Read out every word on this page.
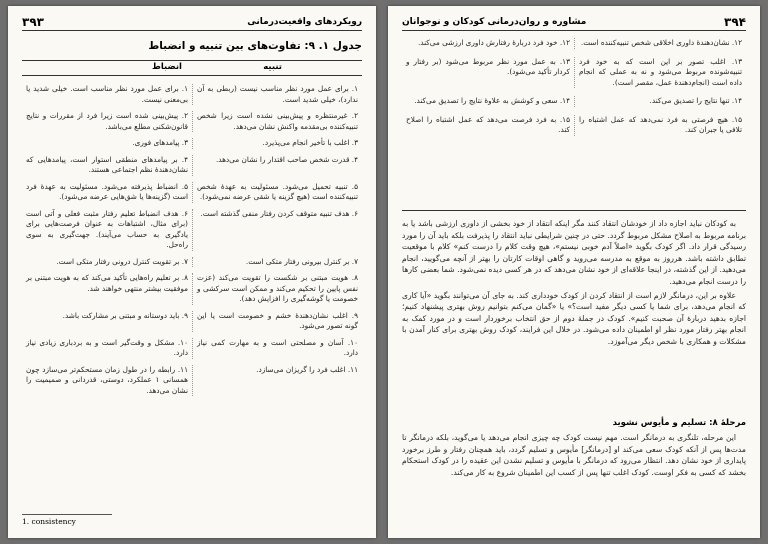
۳۹۳	رویکردهای واقعیت‌درمانی
جدول ۱. ۹: تفاوت‌های بین تنبیه و انضباط
تنبیه
انضباط
۱. برای عمل مورد نظر مناسب نیست (ربطی به آن ندارد)، خیلی شدید است.
۱. برای عمل مورد نظر مناسب است. خیلی شدید یا بی‌معنی نیست.
۲. غیرمنتظره و پیش‌بینی نشده است زیرا شخص تنبیه‌کننده بی‌مقدمه واکنش نشان می‌دهد.
۲. پیش‌بینی شده است زیرا فرد از مقررات و نتایج قانون‌شکنی مطلع می‌باشد.
۳. اغلب با تأخیر انجام می‌پذیرد.
۳. پیامدهای فوری.
۴. قدرت شخص صاحب اقتدار را نشان می‌دهد.
۴. بر پیامدهای منطقی استوار است، پیامدهایی که نشان‌دهندهٔ نظم اجتماعی هستند.
۵. تنبیه تحمیل می‌شود. مسئولیت به عهدهٔ شخص تنبیه‌کننده است (هیچ گزینه یا شقی عرضه نمی‌شود).
۵. انضباط پذیرفته می‌شود. مسئولیت به عهدهٔ فرد است (گزینه‌ها یا شق‌هایی عرضه می‌شود).
۶. هدف تنبیه متوقف کردن رفتار منفی گذشته است.
۶. هدف انضباط تعلیم رفتار مثبت فعلی و آتی است (برای مثال، اشتباهات به عنوان فرصت‌هایی برای یادگیری به حساب می‌آیند). جهت‌گیری به سوی راه‌حل.
۷. بر کنترل بیرونی رفتار متکی است.
۷. بر تقویت کنترل درونی رفتار متکی است.
۸. هویت مبتنی بر شکست را تقویت می‌کند (عزت نفس پایین را تحکیم می‌کند و ممکن است سرکشی و خصومت یا گوشه‌گیری را افزایش دهد).
۸. بر تعلیم راه‌هایی تأکید می‌کند که به هویت مبتنی بر موفقیت بیشتر منتهی خواهند شد.
۹. اغلب نشان‌دهندهٔ خشم و خصومت است یا این گونه تصور می‌شود.
۹. باید دوستانه و مبتنی بر مشارکت باشد.
۱۰. آسان و مصلحتی است و به مهارت کمی نیاز دارد.
۱۰. مشکل و وقت‌گیر است و به بردباری زیادی نیاز دارد.
۱۱. اغلب فرد را گریزان می‌سازد.
۱۱. رابطه را در طول زمان مستحکم‌تر می‌سازد چون همسانی ۱ عملکرد، دوستی، قدردانی و صمیمیت را نشان می‌دهد.
1. consistency
مشاوره و روان‌درمانی کودکان و نوجوانان	۳۹۴
۱۲. نشان‌دهندهٔ داوری اخلاقی شخص تنبیه‌کننده است.
۱۲. خود فرد دربارهٔ رفتارش داوری ارزشی می‌کند.
۱۳. اغلب تصور بر این است که به خود فرد تنبیه‌شونده مربوط می‌شود و نه به عملی که انجام داده است (انجام‌دهندهٔ عمل، مقصر است).
۱۳. به عمل مورد نظر مربوط می‌شود (بر رفتار و کردار تأکید می‌شود).
۱۴. تنها نتایج را تصدیق می‌کند.
۱۴. سعی و کوشش به علاوهٔ نتایج را تصدیق می‌کند.
۱۵. هیچ فرصتی به فرد نمی‌دهد که عمل اشتباه را تلافی یا جبران کند.
۱۵. به فرد فرصت می‌دهد که عمل اشتباه را اصلاح کند.

به کودکان نباید اجازه داد از خودشان انتقاد کنند مگر اینکه انتقاد از خود بخشی از داوری ارزشی باشد یا به برنامه مربوط به اصلاح مشکل مربوط گردد. حتی در چنین شرایطی نباید انتقاد را پذیرفت بلکه باید آن را مورد رسیدگی قرار داد. اگر کودک بگوید «اصلاً آدم خوبی نیستم»، هیچ وقت کلام را درست کنم» کلام با موقعیت تطابق داشته باشد. هرروز به موقع به مدرسه می‌روید و گاهی اوقات کارتان را بهتر از آنچه می‌گویید، انجام می‌دهید. از این گذشته، در اینجا علاقه‌ای از خود نشان می‌دهد که در هر کسی دیده نمی‌شود. شما بعضی کارها را درست انجام می‌دهید.

علاوه بر این، درمانگر لازم است از انتقاد کردن از کودک خودداری کند. به جای آن می‌توانند بگوید «آیا کاری که انجام می‌دهد، برای شما یا کسی دیگر مفید است؟» یا «گمان می‌کنم بتوانیم روش بهتری پیشنهاد کنیم؛ اجازه بدهید دربارهٔ آن صحبت کنیم». کودک در جملهٔ دوم از حق انتخاب برخوردار است و در مورد کمک به انجام بهتر رفتار مورد نظر او اطمینان داده می‌شود. در خلال این فرایند، کودک روش بهتری برای کنار آمدن با مشکلات و همکاری با شخص دیگر می‌آموزد.

مرحلهٔ ۸: تسلیم و مأیوس نشوید

این مرحله، تلنگری به درمانگر است. مهم نیست کودک چه چیزی انجام می‌دهد یا می‌گوید، بلکه درمانگر تا مدت‌ها پس از آنکه کودک سعی می‌کند او [درمانگر] مأیوس و تسلیم گردد، باید همچنان رفتار و طرز برخورد پایداری از خود نشان دهد. انتظار می‌رود که درمانگر با مأیوس و تسلیم نشدن این عقیده را در کودک استحکام بخشد که کسی به فکر اوست. کودک اغلب تنها پس از کسب این اطمینان شروع به کار می‌کند.
